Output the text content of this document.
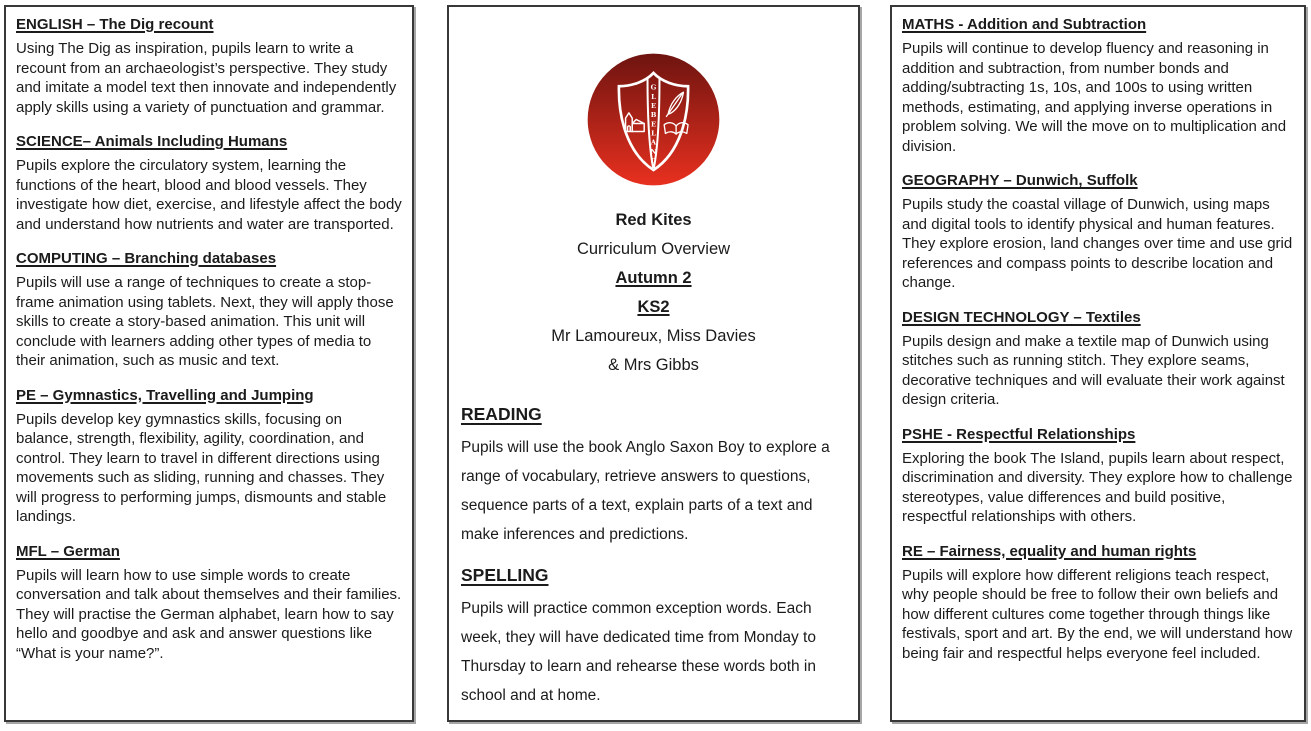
ENGLISH – The Dig recount

Using The Dig as inspiration, pupils learn to write a recount from an archaeologist’s perspective. They study and imitate a model text then innovate and independently apply skills using a variety of punctuation and grammar.

SCIENCE– Animals Including Humans

Pupils explore the circulatory system, learning the functions of the heart, blood and blood vessels. They investigate how diet, exercise, and lifestyle affect the body and understand how nutrients and water are transported.

COMPUTING – Branching databases

Pupils will use a range of techniques to create a stop-frame animation using tablets. Next, they will apply those skills to create a story-based animation. This unit will conclude with learners adding other types of media to their animation, such as music and text.

PE – Gymnastics, Travelling and Jumping

Pupils develop key gymnastics skills, focusing on balance, strength, flexibility, agility, coordination, and control. They learn to travel in different directions using movements such as sliding, running and chasses. They will progress to performing jumps, dismounts and stable landings.

MFL – German

Pupils will learn how to use simple words to create conversation and talk about themselves and their families. They will practise the German alphabet, learn how to say hello and goodbye and ask and answer questions like “What is your name?”.

G L E B E L A N D
Red Kites
Curriculum Overview
Autumn 2
KS2
Mr Lamoureux, Miss Davies
& Mrs Gibbs
READING

Pupils will use the book Anglo Saxon Boy to explore a range of vocabulary, retrieve answers to questions, sequence parts of a text, explain parts of a text and make inferences and predictions.

SPELLING

Pupils will practice common exception words. Each week, they will have dedicated time from Monday to Thursday to learn and rehearse these words both in school and at home.

MATHS - Addition and Subtraction

Pupils will continue to develop fluency and reasoning in addition and subtraction, from number bonds and adding/subtracting 1s, 10s, and 100s to using written methods, estimating, and applying inverse operations in problem solving. We will the move on to multiplication and division.

GEOGRAPHY – Dunwich, Suffolk

Pupils study the coastal village of Dunwich, using maps and digital tools to identify physical and human features. They explore erosion, land changes over time and use grid references and compass points to describe location and change.

DESIGN TECHNOLOGY – Textiles

Pupils design and make a textile map of Dunwich using stitches such as running stitch. They explore seams, decorative techniques and will evaluate their work against design criteria.

PSHE - Respectful Relationships

Exploring the book The Island, pupils learn about respect, discrimination and diversity. They explore how to challenge stereotypes, value differences and build positive, respectful relationships with others.

RE – Fairness, equality and human rights

Pupils will explore how different religions teach respect, why people should be free to follow their own beliefs and how different cultures come together through things like festivals, sport and art. By the end, we will understand how being fair and respectful helps everyone feel included.
